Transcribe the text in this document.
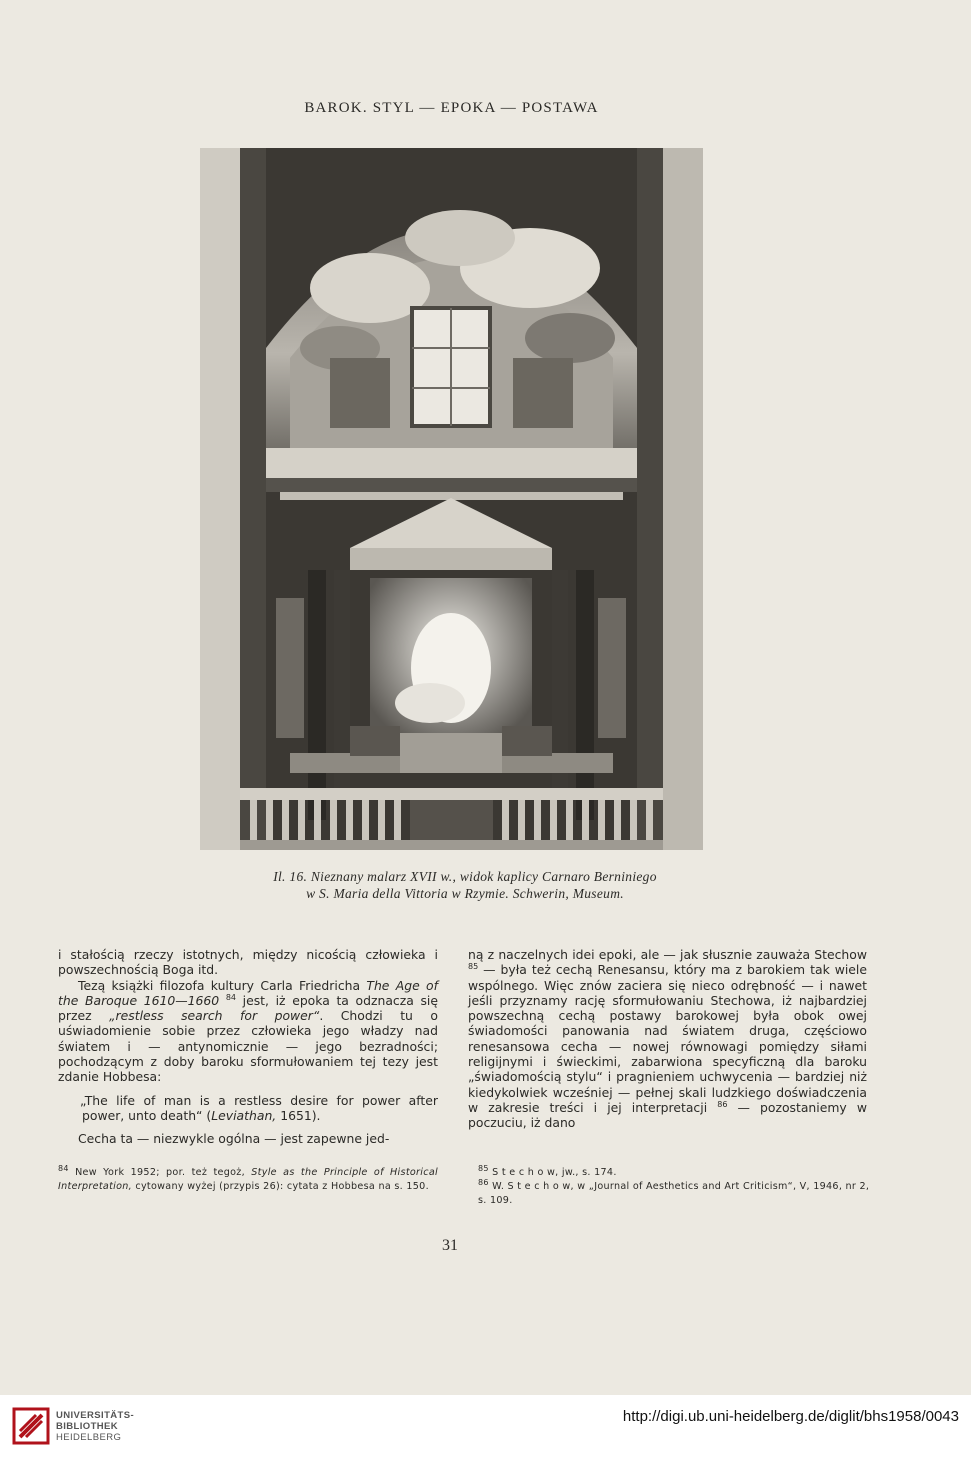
BAROK. STYL — EPOKA — POSTAWA
Il. 16. Nieznany malarz XVII w., widok kaplicy Carnaro Berniniego
w S. Maria della Vittoria w Rzymie. Schwerin, Museum.

i stałością rzeczy istotnych, między nicością człowieka i powszechnością Boga itd.

Tezą książki filozofa kultury Carla Friedricha The Age of the Baroque 1610—1660 $^{84}$ jest, iż epoka ta odznacza się przez „restless search for power“. Chodzi tu o uświadomienie sobie przez człowieka jego władzy nad światem i — antynomicznie — jego bezradności; pochodzącym z doby baroku sformułowaniem tej tezy jest zdanie Hobbesa:

„The life of man is a restless desire for power after power, unto death“ (Leviathan, 1651).

Cecha ta — niezwykle ogólna — jest zapewne jed-

ną z naczelnych idei epoki, ale — jak słusznie zauważa Stechow $^{85}$ — była też cechą Renesansu, który ma z barokiem tak wiele wspólnego. Więc znów zaciera się nieco odrębność — i nawet jeśli przyznamy rację sformułowaniu Stechowa, iż najbardziej powszechną cechą postawy barokowej była obok owej świadomości panowania nad światem druga, częściowo renesansowa cecha — nowej równowagi pomiędzy siłami religijnymi i świeckimi, zabarwiona specyficzną dla baroku „świadomością stylu“ i pragnieniem uchwycenia — bardziej niż kiedykolwiek wcześniej — pełnej skali ludzkiego doświadczenia w zakresie treści i jej interpretacji $^{86}$ — pozostaniemy w poczuciu, iż dano

$^{84}$ New York 1952; por. też tegoż, Style as the Principle of Historical Interpretation, cytowany wyżej (przypis 26): cytata z Hobbesa na s. 150.

$^{85}$ S t e c h o w, jw., s. 174.

$^{86}$ W. S t e c h o w, w „Journal of Aesthetics and Art Criticism“, V, 1946, nr 2, s. 109.

31
UNIVERSITÄTS-
BIBLIOTHEK
HEIDELBERG
http://digi.ub.uni-heidelberg.de/diglit/bhs1958/0043
